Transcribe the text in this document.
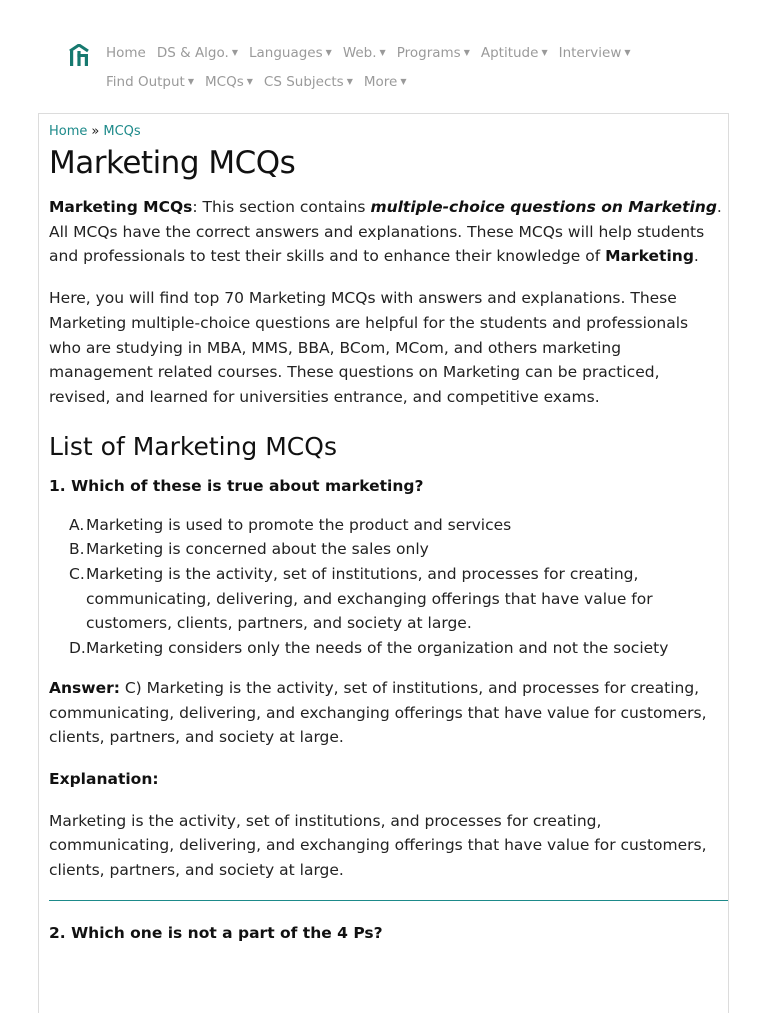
Home DS & Algo. ▼ Languages ▼ Web. ▼ Programs ▼ Aptitude ▼ Interview ▼
Find Output ▼ MCQs ▼ CS Subjects ▼ More ▼
Home » MCQs
Marketing MCQs

Marketing MCQs: This section contains multiple-choice questions on Marketing. All MCQs have the correct answers and explanations. These MCQs will help students and professionals to test their skills and to enhance their knowledge of Marketing.

Here, you will find top 70 Marketing MCQs with answers and explanations. These Marketing multiple-choice questions are helpful for the students and professionals who are studying in MBA, MMS, BBA, BCom, MCom, and others marketing management related courses. These questions on Marketing can be practiced, revised, and learned for universities entrance, and competitive exams.

List of Marketing MCQs
1. Which of these is true about marketing?
A. Marketing is used to promote the product and services
B. Marketing is concerned about the sales only
C. Marketing is the activity, set of institutions, and processes for creating, communicating, delivering, and exchanging offerings that have value for customers, clients, partners, and society at large.
D. Marketing considers only the needs of the organization and not the society

Answer: C) Marketing is the activity, set of institutions, and processes for creating, communicating, delivering, and exchanging offerings that have value for customers, clients, partners, and society at large.

Explanation:

Marketing is the activity, set of institutions, and processes for creating, communicating, delivering, and exchanging offerings that have value for customers, clients, partners, and society at large.

2. Which one is not a part of the 4 Ps?
